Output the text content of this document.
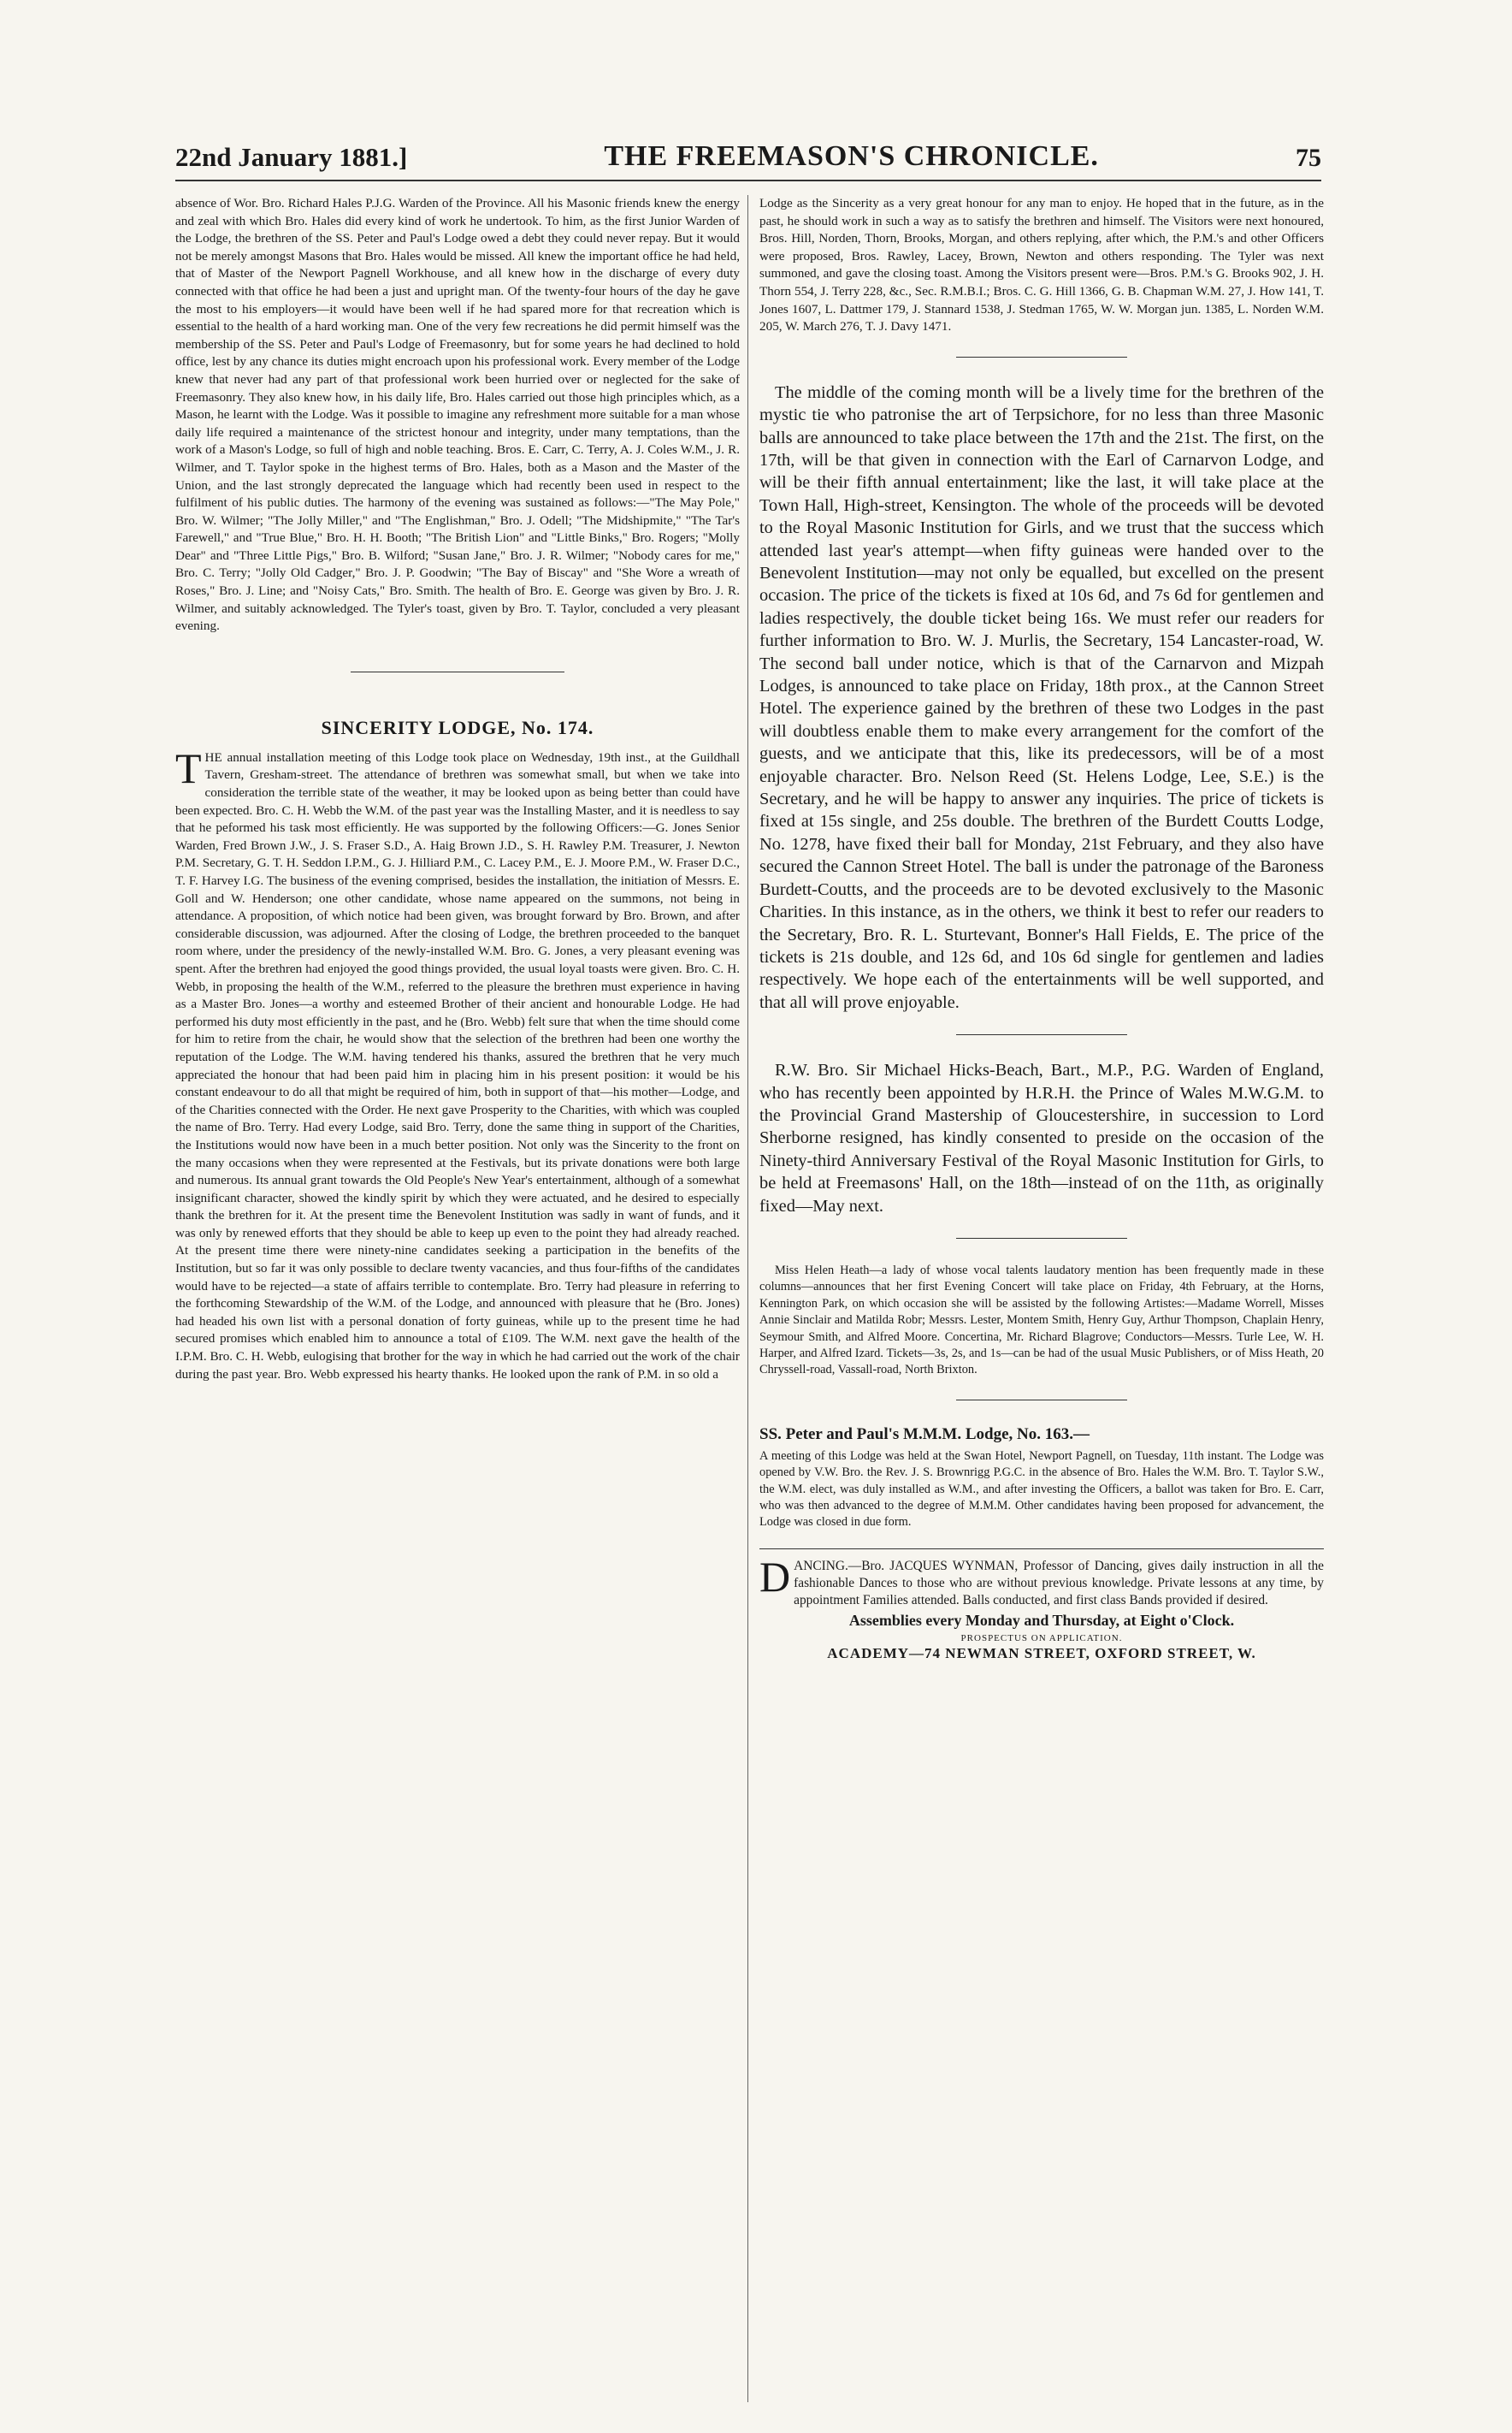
22nd January 1881.]	THE FREEMASON'S CHRONICLE.	75

absence of Wor. Bro. Richard Hales P.J.G. Warden of the Province. All his Masonic friends knew the energy and zeal with which Bro. Hales did every kind of work he undertook. To him, as the first Junior Warden of the Lodge, the brethren of the SS. Peter and Paul's Lodge owed a debt they could never repay. But it would not be merely amongst Masons that Bro. Hales would be missed. All knew the important office he had held, that of Master of the Newport Pagnell Workhouse, and all knew how in the discharge of every duty connected with that office he had been a just and upright man. Of the twenty-four hours of the day he gave the most to his employers—it would have been well if he had spared more for that recreation which is essential to the health of a hard working man. One of the very few recreations he did permit himself was the membership of the SS. Peter and Paul's Lodge of Freemasonry, but for some years he had declined to hold office, lest by any chance its duties might encroach upon his professional work. Every member of the Lodge knew that never had any part of that professional work been hurried over or neglected for the sake of Freemasonry. They also knew how, in his daily life, Bro. Hales carried out those high principles which, as a Mason, he learnt with the Lodge. Was it possible to imagine any refreshment more suitable for a man whose daily life required a maintenance of the strictest honour and integrity, under many temptations, than the work of a Mason's Lodge, so full of high and noble teaching. Bros. E. Carr, C. Terry, A. J. Coles W.M., J. R. Wilmer, and T. Taylor spoke in the highest terms of Bro. Hales, both as a Mason and the Master of the Union, and the last strongly deprecated the language which had recently been used in respect to the fulfilment of his public duties. The harmony of the evening was sustained as follows:—"The May Pole," Bro. W. Wilmer; "The Jolly Miller," and "The Englishman," Bro. J. Odell; "The Midshipmite," "The Tar's Farewell," and "True Blue," Bro. H. H. Booth; "The British Lion" and "Little Binks," Bro. Rogers; "Molly Dear" and "Three Little Pigs," Bro. B. Wilford; "Susan Jane," Bro. J. R. Wilmer; "Nobody cares for me," Bro. C. Terry; "Jolly Old Cadger," Bro. J. P. Goodwin; "The Bay of Biscay" and "She Wore a wreath of Roses," Bro. J. Line; and "Noisy Cats," Bro. Smith. The health of Bro. E. George was given by Bro. J. R. Wilmer, and suitably acknowledged. The Tyler's toast, given by Bro. T. Taylor, concluded a very pleasant evening.

SINCERITY LODGE, No. 174.

THE annual installation meeting of this Lodge took place on Wednesday, 19th inst., at the Guildhall Tavern, Gresham-street. The attendance of brethren was somewhat small, but when we take into consideration the terrible state of the weather, it may be looked upon as being better than could have been expected. Bro. C. H. Webb the W.M. of the past year was the Installing Master, and it is needless to say that he peformed his task most efficiently. He was supported by the following Officers:—G. Jones Senior Warden, Fred Brown J.W., J. S. Fraser S.D., A. Haig Brown J.D., S. H. Rawley P.M. Treasurer, J. Newton P.M. Secretary, G. T. H. Seddon I.P.M., G. J. Hilliard P.M., C. Lacey P.M., E. J. Moore P.M., W. Fraser D.C., T. F. Harvey I.G. The business of the evening comprised, besides the installation, the initiation of Messrs. E. Goll and W. Henderson; one other candidate, whose name appeared on the summons, not being in attendance. A proposition, of which notice had been given, was brought forward by Bro. Brown, and after considerable discussion, was adjourned. After the closing of Lodge, the brethren proceeded to the banquet room where, under the presidency of the newly-installed W.M. Bro. G. Jones, a very pleasant evening was spent. After the brethren had enjoyed the good things provided, the usual loyal toasts were given. Bro. C. H. Webb, in proposing the health of the W.M., referred to the pleasure the brethren must experience in having as a Master Bro. Jones—a worthy and esteemed Brother of their ancient and honourable Lodge. He had performed his duty most efficiently in the past, and he (Bro. Webb) felt sure that when the time should come for him to retire from the chair, he would show that the selection of the brethren had been one worthy the reputation of the Lodge. The W.M. having tendered his thanks, assured the brethren that he very much appreciated the honour that had been paid him in placing him in his present position: it would be his constant endeavour to do all that might be required of him, both in support of that—his mother—Lodge, and of the Charities connected with the Order. He next gave Prosperity to the Charities, with which was coupled the name of Bro. Terry. Had every Lodge, said Bro. Terry, done the same thing in support of the Charities, the Institutions would now have been in a much better position. Not only was the Sincerity to the front on the many occasions when they were represented at the Festivals, but its private donations were both large and numerous. Its annual grant towards the Old People's New Year's entertainment, although of a somewhat insignificant character, showed the kindly spirit by which they were actuated, and he desired to especially thank the brethren for it. At the present time the Benevolent Institution was sadly in want of funds, and it was only by renewed efforts that they should be able to keep up even to the point they had already reached. At the present time there were ninety-nine candidates seeking a participation in the benefits of the Institution, but so far it was only possible to declare twenty vacancies, and thus four-fifths of the candidates would have to be rejected—a state of affairs terrible to contemplate. Bro. Terry had pleasure in referring to the forthcoming Stewardship of the W.M. of the Lodge, and announced with pleasure that he (Bro. Jones) had headed his own list with a personal donation of forty guineas, while up to the present time he had secured promises which enabled him to announce a total of £109. The W.M. next gave the health of the I.P.M. Bro. C. H. Webb, eulogising that brother for the way in which he had carried out the work of the chair during the past year. Bro. Webb expressed his hearty thanks. He looked upon the rank of P.M. in so old a

Lodge as the Sincerity as a very great honour for any man to enjoy. He hoped that in the future, as in the past, he should work in such a way as to satisfy the brethren and himself. The Visitors were next honoured, Bros. Hill, Norden, Thorn, Brooks, Morgan, and others replying, after which, the P.M.'s and other Officers were proposed, Bros. Rawley, Lacey, Brown, Newton and others responding. The Tyler was next summoned, and gave the closing toast. Among the Visitors present were—Bros. P.M.'s G. Brooks 902, J. H. Thorn 554, J. Terry 228, &c., Sec. R.M.B.I.; Bros. C. G. Hill 1366, G. B. Chapman W.M. 27, J. How 141, T. Jones 1607, L. Dattmer 179, J. Stannard 1538, J. Stedman 1765, W. W. Morgan jun. 1385, L. Norden W.M. 205, W. March 276, T. J. Davy 1471.

The middle of the coming month will be a lively time for the brethren of the mystic tie who patronise the art of Terpsichore, for no less than three Masonic balls are announced to take place between the 17th and the 21st. The first, on the 17th, will be that given in connection with the Earl of Carnarvon Lodge, and will be their fifth annual entertainment; like the last, it will take place at the Town Hall, High-street, Kensington. The whole of the proceeds will be devoted to the Royal Masonic Institution for Girls, and we trust that the success which attended last year's attempt—when fifty guineas were handed over to the Benevolent Institution—may not only be equalled, but excelled on the present occasion. The price of the tickets is fixed at 10s 6d, and 7s 6d for gentlemen and ladies respectively, the double ticket being 16s. We must refer our readers for further information to Bro. W. J. Murlis, the Secretary, 154 Lancaster-road, W. The second ball under notice, which is that of the Carnarvon and Mizpah Lodges, is announced to take place on Friday, 18th prox., at the Cannon Street Hotel. The experience gained by the brethren of these two Lodges in the past will doubtless enable them to make every arrangement for the comfort of the guests, and we anticipate that this, like its predecessors, will be of a most enjoyable character. Bro. Nelson Reed (St. Helens Lodge, Lee, S.E.) is the Secretary, and he will be happy to answer any inquiries. The price of tickets is fixed at 15s single, and 25s double. The brethren of the Burdett Coutts Lodge, No. 1278, have fixed their ball for Monday, 21st February, and they also have secured the Cannon Street Hotel. The ball is under the patronage of the Baroness Burdett-Coutts, and the proceeds are to be devoted exclusively to the Masonic Charities. In this instance, as in the others, we think it best to refer our readers to the Secretary, Bro. R. L. Sturtevant, Bonner's Hall Fields, E. The price of the tickets is 21s double, and 12s 6d, and 10s 6d single for gentlemen and ladies respectively. We hope each of the entertainments will be well supported, and that all will prove enjoyable.

R.W. Bro. Sir Michael Hicks-Beach, Bart., M.P., P.G. Warden of England, who has recently been appointed by H.R.H. the Prince of Wales M.W.G.M. to the Provincial Grand Mastership of Gloucestershire, in succession to Lord Sherborne resigned, has kindly consented to preside on the occasion of the Ninety-third Anniversary Festival of the Royal Masonic Institution for Girls, to be held at Freemasons' Hall, on the 18th—instead of on the 11th, as originally fixed—May next.

Miss Helen Heath—a lady of whose vocal talents laudatory mention has been frequently made in these columns—announces that her first Evening Concert will take place on Friday, 4th February, at the Horns, Kennington Park, on which occasion she will be assisted by the following Artistes:—Madame Worrell, Misses Annie Sinclair and Matilda Robr; Messrs. Lester, Montem Smith, Henry Guy, Arthur Thompson, Chaplain Henry, Seymour Smith, and Alfred Moore. Concertina, Mr. Richard Blagrove; Conductors—Messrs. Turle Lee, W. H. Harper, and Alfred Izard. Tickets—3s, 2s, and 1s—can be had of the usual Music Publishers, or of Miss Heath, 20 Chryssell-road, Vassall-road, North Brixton.

SS. Peter and Paul's M.M.M. Lodge, No. 163.—

A meeting of this Lodge was held at the Swan Hotel, Newport Pagnell, on Tuesday, 11th instant. The Lodge was opened by V.W. Bro. the Rev. J. S. Brownrigg P.G.C. in the absence of Bro. Hales the W.M. Bro. T. Taylor S.W., the W.M. elect, was duly installed as W.M., and after investing the Officers, a ballot was taken for Bro. E. Carr, who was then advanced to the degree of M.M.M. Other candidates having been proposed for advancement, the Lodge was closed in due form.

DANCING.—Bro. JACQUES WYNMAN, Professor of Dancing, gives daily instruction in all the fashionable Dances to those who are without previous knowledge. Private lessons at any time, by appointment Families attended. Balls conducted, and first class Bands provided if desired.
Assemblies every Monday and Thursday, at Eight o'Clock.
PROSPECTUS ON APPLICATION.
ACADEMY—74 NEWMAN STREET, OXFORD STREET, W.
